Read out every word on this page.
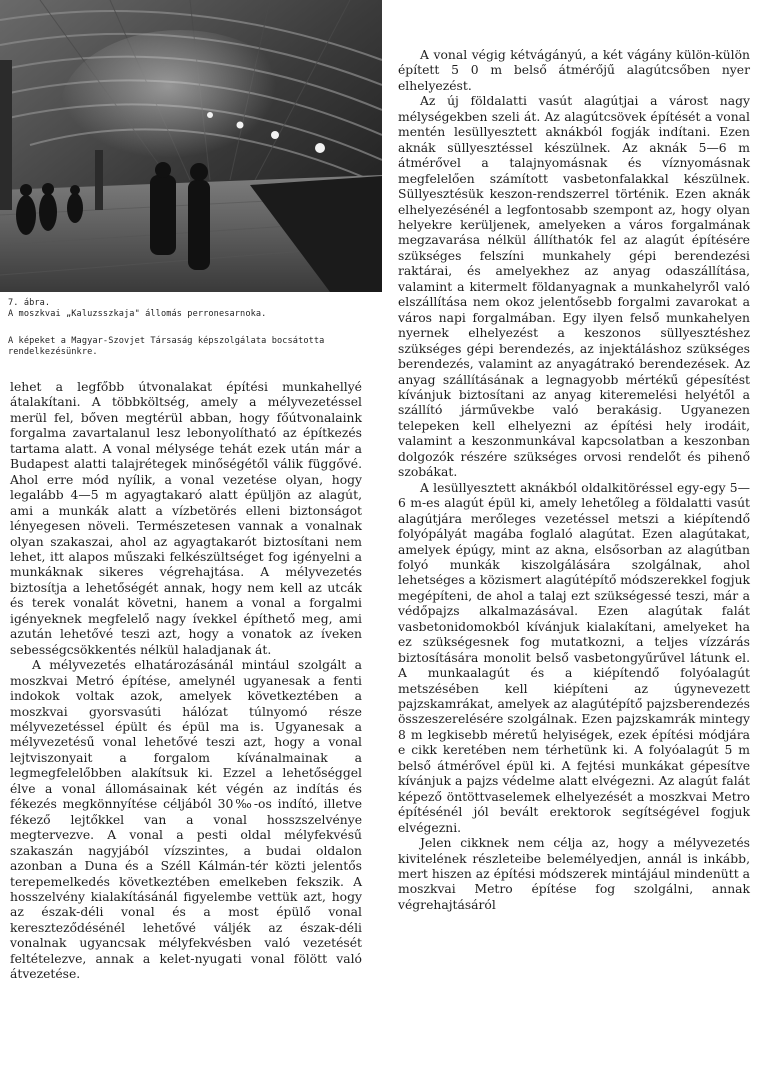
7. ábra.
A moszkvai „Kaluzsszkaja" állomás perronesarnoka.
A képeket a Magyar-Szovjet Társaság képszolgálata bocsátotta rendelkezésünkre.

lehet a legfőbb útvonalakat építési munkahellyé átalakítani. A többköltség, amely a mélyvezetéssel merül fel, bőven megtérül abban, hogy főútvonalaink forgalma zavartalanul lesz lebonyolítható az építkezés tartama alatt. A vonal mélysége tehát ezek után már a Budapest alatti talajrétegek minőségétől válik függővé. Ahol erre mód nyílik, a vonal vezetése olyan, hogy legalább 4—5 m agyagtakaró alatt épüljön az alagút, ami a munkák alatt a vízbetörés elleni biztonságot lényegesen növeli. Természetesen vannak a vonalnak olyan szakaszai, ahol az agyagtakarót biztosítani nem lehet, itt alapos műszaki felkészültséget fog igényelni a munkáknak sikeres végrehajtása. A mélyvezetés biztosítja a lehetőségét annak, hogy nem kell az utcák és terek vonalát követni, hanem a vonal a forgalmi igényeknek megfelelő nagy ívekkel építhető meg, ami azután lehetővé teszi azt, hogy a vonatok az íveken sebességcsökkentés nélkül haladjanak át.

A mélyvezetés elhatározásánál mintául szolgált a moszkvai Metró építése, amelynél ugyanesak a fenti indokok voltak azok, amelyek következtében a moszkvai gyorsvasúti hálózat túlnyomó része mélyvezetéssel épült és épül ma is. Ugyanesak a mélyvezetésű vonal lehetővé teszi azt, hogy a vonal lejtviszonyait a forgalom kívánalmainak a legmegfelelőbben alakítsuk ki. Ezzel a lehetőséggel élve a vonal állomásainak két végén az indítás és fékezés megkönnyítése céljából 30‰-os indító, illetve fékező lejtőkkel van a vonal hosszszelvénye megtervezve. A vonal a pesti oldal mélyfekvésű szakaszán nagyjából vízszintes, a budai oldalon azonban a Duna és a Széll Kálmán-tér közti jelentős terepemelkedés következtében emelkeben fekszik. A hosszelvény kialakításánál figyelembe vettük azt, hogy az észak-déli vonal és a most épülő vonal kereszteződésénél lehetővé váljék az észak-déli vonalnak ugyancsak mélyfekvésben való vezetését feltételezve, annak a kelet-nyugati vonal fölött való átvezetése.

A vonal végig kétvágányú, a két vágány külön-külön épített 5 0 m belső átmérőjű alagútcsőben nyer elhelyezést.

Az új földalatti vasút alagútjai a várost nagy mélységekben szeli át. Az alagútcsövek építését a vonal mentén lesüllyesztett aknákból fogják indítani. Ezen aknák süllyesztéssel készülnek. Az aknák 5—6 m átmérővel a talajnyomásnak és víznyomásnak megfelelően számított vasbetonfalakkal készülnek. Süllyesztésük keszon-rendszerrel történik. Ezen aknák elhelyezésénél a legfontosabb szempont az, hogy olyan helyekre kerüljenek, amelyeken a város forgalmának megzavarása nélkül állíthatók fel az alagút építésére szükséges felszíni munkahely gépi berendezési raktárai, és amelyekhez az anyag odaszállítása, valamint a kitermelt földanyagnak a munkahelyről való elszállítása nem okoz jelentősebb forgalmi zavarokat a város napi forgalmában. Egy ilyen felső munkahelyen nyernek elhelyezést a keszonos süllyesztéshez szükséges gépi berendezés, az injektáláshoz szükséges berendezés, valamint az anyagátrakó berendezések. Az anyag szállításának a legnagyobb mértékű gépesítést kívánjuk biztosítani az anyag kiteremelési helyétől a szállító járművekbe való berakásig. Ugyanezen telepeken kell elhelyezni az építési hely irodáit, valamint a keszonmunkával kapcsolatban a keszonban dolgozók részére szükséges orvosi rendelőt és pihenő szobákat.

A lesüllyesztett aknákból oldalkitöréssel egy-egy 5—6 m-es alagút épül ki, amely lehetőleg a földalatti vasút alagútjára merőleges vezetéssel metszi a kiépítendő folyópályát magába foglaló alagútat. Ezen alagútakat, amelyek épúgy, mint az akna, elsősorban az alagútban folyó munkák kiszolgálására szolgálnak, ahol lehetséges a közismert alagútépítő módszerekkel fogjuk megépíteni, de ahol a talaj ezt szükségessé teszi, már a védőpajzs alkalmazásával. Ezen alagútak falát vasbetonidomokból kívánjuk kialakítani, amelyeket ha ez szükségesnek fog mutatkozni, a teljes vízzárás biztosítására monolit belső vasbetongyűrűvel látunk el. A munkaalagút és a kiépítendő folyóalagút metszésében kell kiépíteni az úgynevezett pajzskamrákat, amelyek az alagútépítő pajzsberendezés összeszerelésére szolgálnak. Ezen pajzskamrák mintegy 8 m legkisebb méretű helyiségek, ezek építési módjára e cikk keretében nem térhetünk ki. A folyóalagút 5 m belső átmérővel épül ki. A fejtési munkákat gépesítve kívánjuk a pajzs védelme alatt elvégezni. Az alagút falát képező öntöttvaselemek elhelyezését a moszkvai Metro építésénél jól bevált erektorok segítségével fogjuk elvégezni.

Jelen cikknek nem célja az, hogy a mélyvezetés kivitelének részleteibe belemélyedjen, annál is inkább, mert hiszen az építési módszerek mintájául mindenütt a moszkvai Metro építése fog szolgálni, annak végrehajtásáról
